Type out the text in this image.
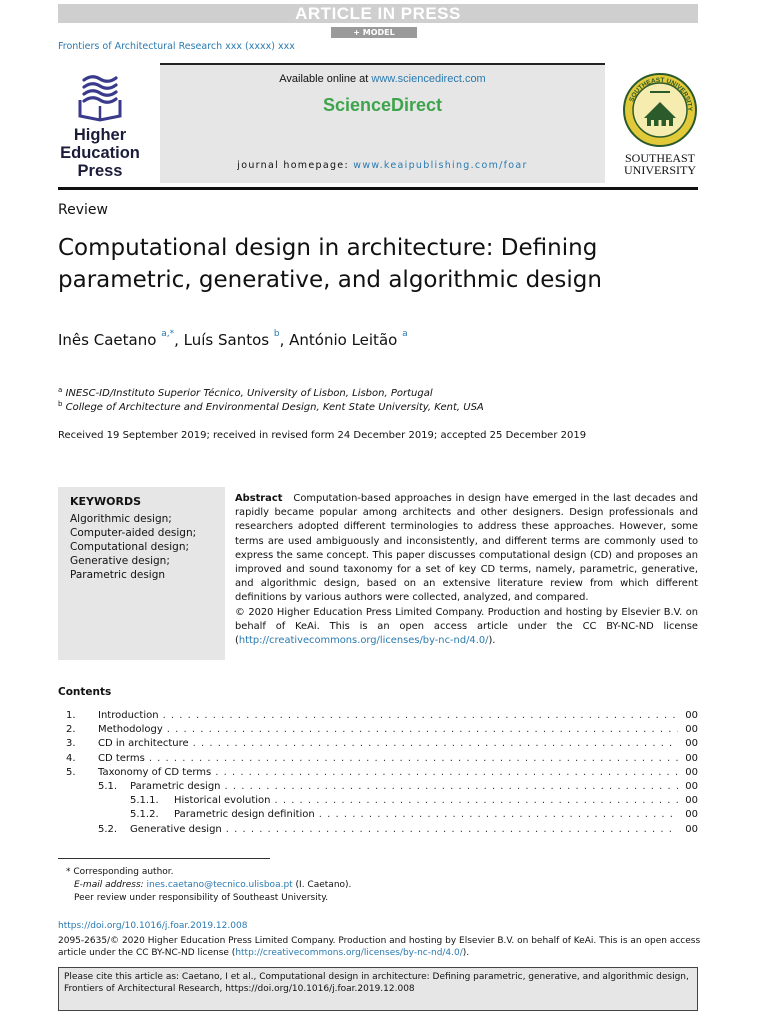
ARTICLE IN PRESS
+ MODEL
Frontiers of Architectural Research xxx (xxxx) xxx
Higher
Education
Press
Available online at www.sciencedirect.com
ScienceDirect
journal homepage: www.keaipublishing.com/foar
SOUTHEAST UNIVERSITY
SOUTHEAST
UNIVERSITY
Review
Computational design in architecture: Defining parametric, generative, and algorithmic design
Inês Caetano $^{a,*}$, Luís Santos $^b$, António Leitão $^a$
$^a$ INESC-ID/Instituto Superior Técnico, University of Lisbon, Lisbon, Portugal
$^b$ College of Architecture and Environmental Design, Kent State University, Kent, USA
Received 19 September 2019; received in revised form 24 December 2019; accepted 25 December 2019
KEYWORDS
Algorithmic design;
Computer-aided design;
Computational design;
Generative design;
Parametric design
Abstract Computation-based approaches in design have emerged in the last decades and rapidly became popular among architects and other designers. Design professionals and researchers adopted different terminologies to address these approaches. However, some terms are used ambiguously and inconsistently, and different terms are commonly used to express the same concept. This paper discusses computational design (CD) and proposes an improved and sound taxonomy for a set of key CD terms, namely, parametric, generative, and algorithmic design, based on an extensive literature review from which different definitions by various authors were collected, analyzed, and compared.
© 2020 Higher Education Press Limited Company. Production and hosting by Elsevier B.V. on behalf of KeAi. This is an open access article under the CC BY-NC-ND license (http://creativecommons.org/licenses/by-nc-nd/4.0/).
Contents
1.	Introduction . . .	00
2.	Methodology . . .	00
3.	CD in architecture . . .	00
4.	CD terms . . .	00
5.	Taxonomy of CD terms . . .	00
5.1.	Parametric design . . .	00
5.1.1.	Historical evolution . . .	00
5.1.2.	Parametric design definition . . .	00
5.2.	Generative design . . .	00
* Corresponding author.
E-mail address: ines.caetano@tecnico.ulisboa.pt (I. Caetano).
Peer review under responsibility of Southeast University.
https://doi.org/10.1016/j.foar.2019.12.008
2095-2635/© 2020 Higher Education Press Limited Company. Production and hosting by Elsevier B.V. on behalf of KeAi. This is an open access
article under the CC BY-NC-ND license (http://creativecommons.org/licenses/by-nc-nd/4.0/).
Please cite this article as: Caetano, I et al., Computational design in architecture: Defining parametric, generative, and algorithmic design, Frontiers of Architectural Research, https://doi.org/10.1016/j.foar.2019.12.008
